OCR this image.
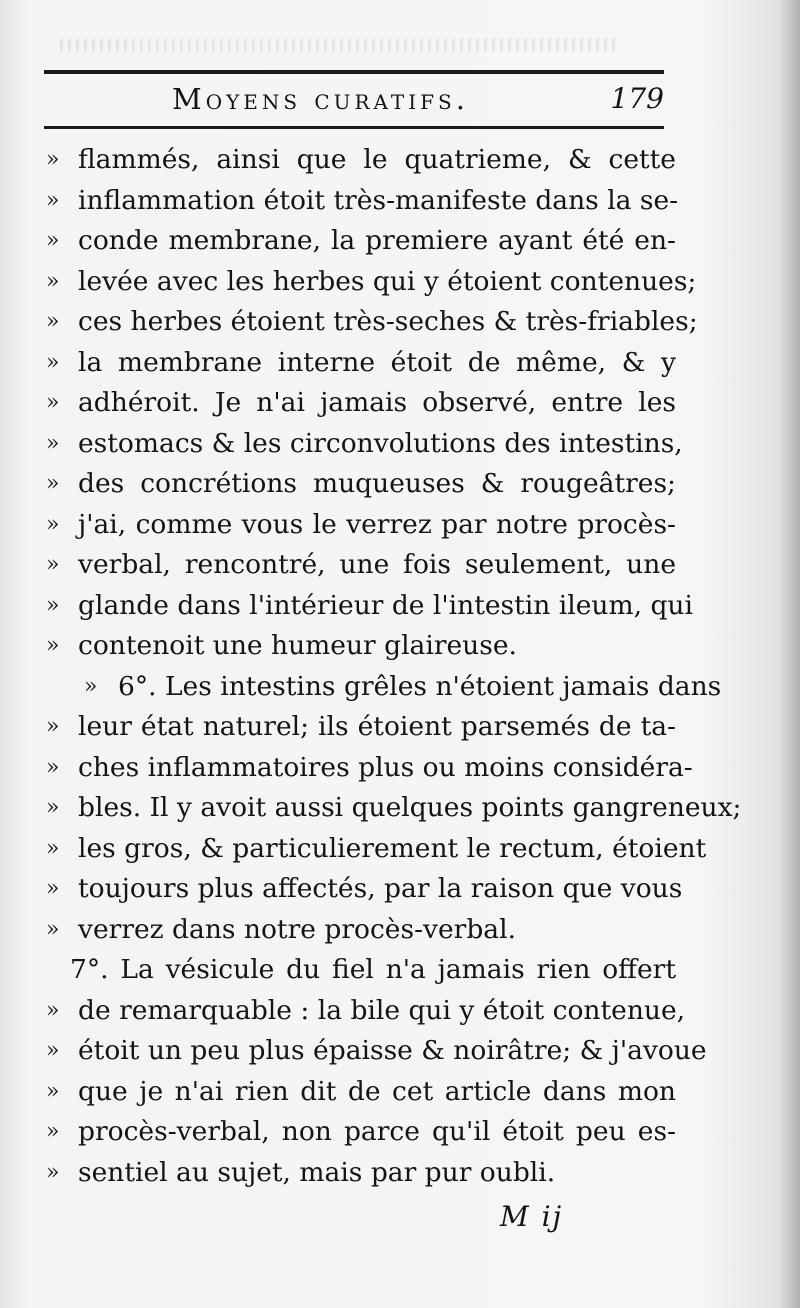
Moyens curatifs.	179
» flammés, ainsi que le quatrieme, & cette
» inflammation étoit très-manifeste dans la se-
» conde membrane, la premiere ayant été en-
» levée avec les herbes qui y étoient contenues;
» ces herbes étoient très-seches & très-friables;
» la membrane interne étoit de même, & y
» adhéroit. Je n'ai jamais observé, entre les
» estomacs & les circonvolutions des intestins,
» des concrétions muqueuses & rougeâtres;
» j'ai, comme vous le verrez par notre procès-
» verbal, rencontré, une fois seulement, une
» glande dans l'intérieur de l'intestin ileum, qui
» contenoit une humeur glaireuse.
» 6°. Les intestins grêles n'étoient jamais dans
» leur état naturel; ils étoient parsemés de ta-
» ches inflammatoires plus ou moins considéra-
» bles. Il y avoit aussi quelques points gangreneux;
» les gros, & particulierement le rectum, étoient
» toujours plus affectés, par la raison que vous
» verrez dans notre procès-verbal.
7°. La vésicule du fiel n'a jamais rien offert
» de remarquable : la bile qui y étoit contenue,
» étoit un peu plus épaisse & noirâtre; & j'avoue
» que je n'ai rien dit de cet article dans mon
» procès-verbal, non parce qu'il étoit peu es-
» sentiel au sujet, mais par pur oubli.
M ij
